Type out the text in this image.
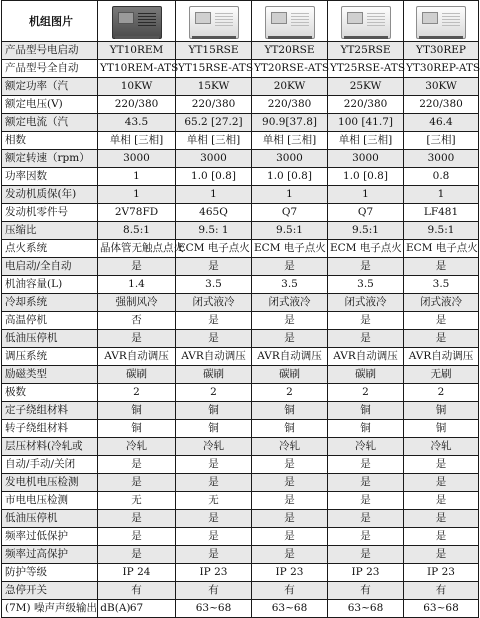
机组图片	

产品型号电启动	YT10REM	YT15RSE	YT20RSE	YT25RSE	YT30REP
产品型号全自动	YT10REM-ATS	YT15RSE-ATS	YT20RSE-ATS	YT25RSE-ATS	YT30REP-ATS
额定功率（汽	10KW	15KW	20KW	25KW	30KW
额定电压(V)	220/380	220/380	220/380	220/380	220/380
额定电流（汽	43.5	65.2 [27.2]	90.9[37.8]	100 [41.7]	46.4
相数	单相 [三相]	单相 [三相]	单相 [三相]	单相 [三相]	[三相]
额定转速（rpm）	3000	3000	3000	3000	3000
功率因数	1	1.0 [0.8]	1.0 [0.8]	1.0 [0.8]	0.8
发动机质保(年)	1	1	1	1	1
发动机零件号	2V78FD	465Q	Q7	Q7	LF481
压缩比	8.5:1	9.5: 1	9.5:1	9.5:1	9.5:1
点火系统	晶体管无触点点火	ECM 电子点火	ECM 电子点火	ECM 电子点火	ECM 电子点火
电启动/全自动	是	是	是	是	是
机油容量(L)	1.4	3.5	3.5	3.5	3.5
冷却系统	强制风冷	闭式液冷	闭式液冷	闭式液冷	闭式液冷
高温停机	否	是	是	是	是
低油压停机	是	是	是	是	是
调压系统	AVR自动调压	AVR自动调压	AVR自动调压	AVR自动调压	AVR自动调压
励磁类型	碳刷	碳刷	碳刷	碳刷	无刷
极数	2	2	2	2	2
定子绕组材料	铜	铜	铜	铜	铜
转子绕组材料	铜	铜	铜	铜	铜
层压材料(冷轧或	冷轧	冷轧	冷轧	冷轧	冷轧
自动/手动/关闭	是	是	是	是	是
发电机电压检测	是	是	是	是	是
市电电压检测	无	无	是	是	是
低油压停机	是	是	是	是	是
频率过低保护	是	是	是	是	是
频率过高保护	是	是	是	是	是
防护等级	IP 24	IP 23	IP 23	IP 23	IP 23
急停开关	有	有	有	有	有
(7M) 噪声声级输出 dB(A)	67	63~68	63~68	63~68	63~68
